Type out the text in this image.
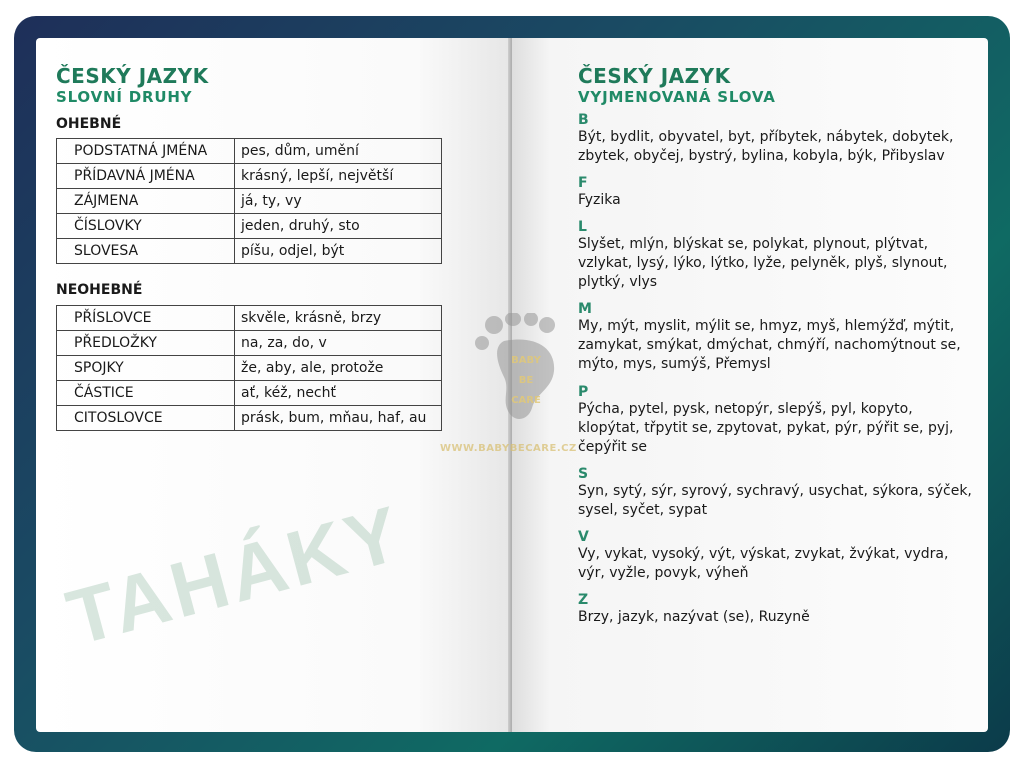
ČESKÝ JAZYK

SLOVNÍ DRUHY

OHEBNÉ

PODSTATNÁ JMÉNA	pes, dům, umění
PŘÍDAVNÁ JMÉNA	krásný, lepší, největší
ZÁJMENA	já, ty, vy
ČÍSLOVKY	jeden, druhý, sto
SLOVESA	píšu, odjel, být

NEOHEBNÉ

PŘÍSLOVCE	skvěle, krásně, brzy
PŘEDLOŽKY	na, za, do, v
SPOJKY	že, aby, ale, protože
ČÁSTICE	ať, kéž, nechť
CITOSLOVCE	prásk, bum, mňau, haf, au
TAHÁKY

ČESKÝ JAZYK

VYJMENOVANÁ SLOVA

B

Být, bydlit, obyvatel, byt, příbytek, nábytek, dobytek, zbytek, obyčej, bystrý, bylina, kobyla, býk, Přibyslav

F

Fyzika

L

Slyšet, mlýn, blýskat se, polykat, plynout, plýtvat, vzlykat, lysý, lýko, lýtko, lyže, pelyněk, plyš, slynout, plytký, vlys

M

My, mýt, myslit, mýlit se, hmyz, myš, hlemýžď, mýtit, zamykat, smýkat, dmýchat, chmýří, nachomýtnout se, mýto, mys, sumýš, Přemysl

P

Pýcha, pytel, pysk, netopýr, slepýš, pyl, kopyto, klopýtat, třpytit se, zpytovat, pykat, pýr, pýřit se, pyj, čepýřit se

S

Syn, sytý, sýr, syrový, sychravý, usychat, sýkora, sýček, sysel, syčet, sypat

V

Vy, vykat, vysoký, výt, výskat, zvykat, žvýkat, vydra, výr, vyžle, povyk, výheň

Z

Brzy, jazyk, nazývat (se), Ruzyně

BABY
BE
CARE
WWW.BABYBECARE.CZ
